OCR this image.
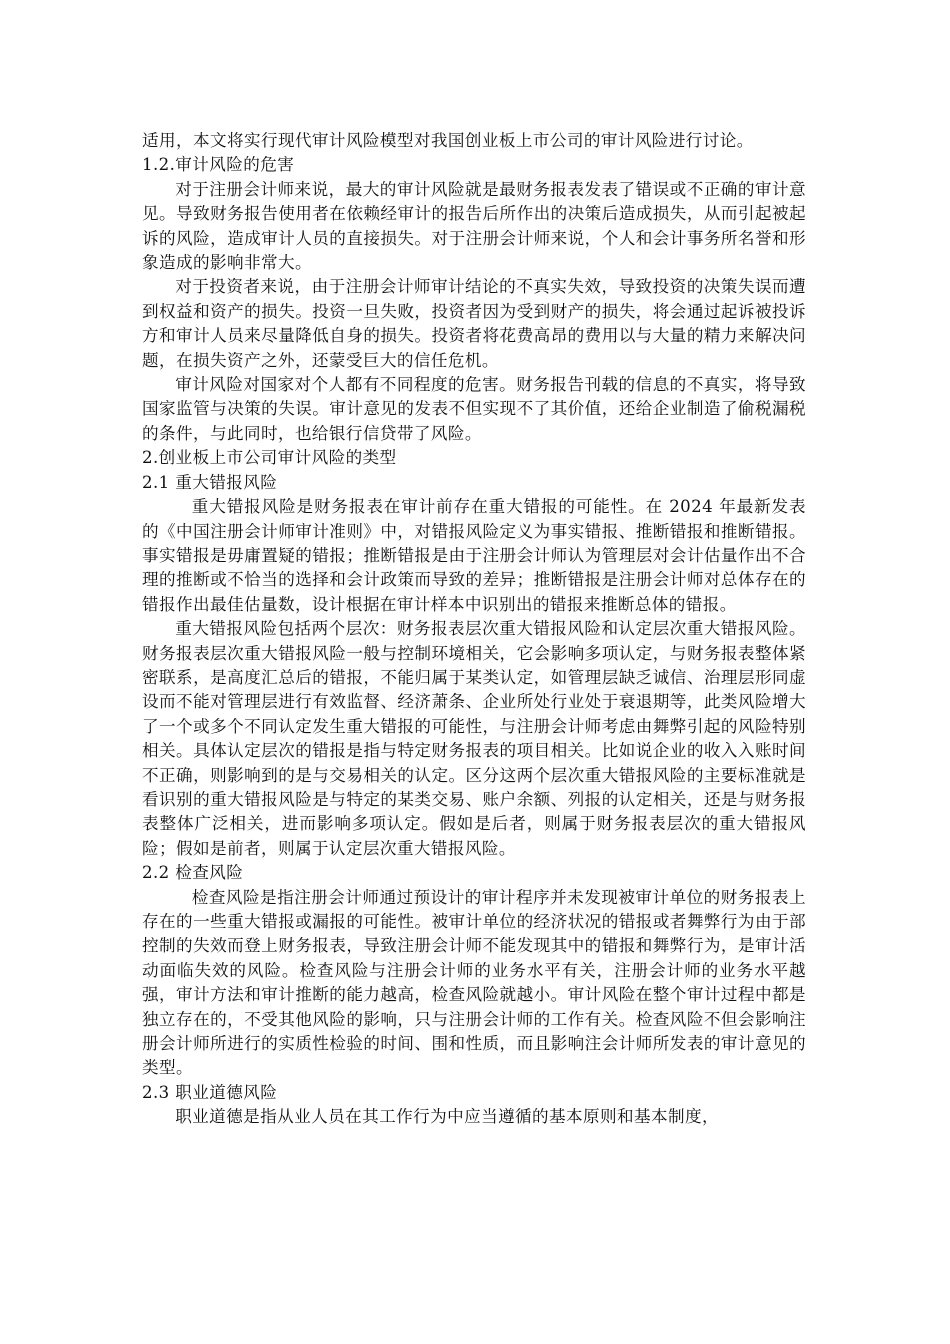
适用，本文将实行现代审计风险模型对我国创业板上市公司的审计风险进行讨论。

1.2.审计风险的危害

对于注册会计师来说，最大的审计风险就是最财务报表发表了错误或不正确的审计意见。导致财务报告使用者在依赖经审计的报告后所作出的决策后造成损失，从而引起被起诉的风险，造成审计人员的直接损失。对于注册会计师来说，个人和会计事务所名誉和形象造成的影响非常大。

对于投资者来说，由于注册会计师审计结论的不真实失效，导致投资的决策失误而遭到权益和资产的损失。投资一旦失败，投资者因为受到财产的损失，将会通过起诉被投诉方和审计人员来尽量降低自身的损失。投资者将花费高昂的费用以与大量的精力来解决问题，在损失资产之外，还蒙受巨大的信任危机。

审计风险对国家对个人都有不同程度的危害。财务报告刊载的信息的不真实，将导致国家监管与决策的失误。审计意见的发表不但实现不了其价值，还给企业制造了偷税漏税的条件，与此同时，也给银行信贷带了风险。

2.创业板上市公司审计风险的类型
2.1 重大错报风险

重大错报风险是财务报表在审计前存在重大错报的可能性。在 2024 年最新发表的《中国注册会计师审计准则》中，对错报风险定义为事实错报、推断错报和推断错报。事实错报是毋庸置疑的错报；推断错报是由于注册会计师认为管理层对会计估量作出不合理的推断或不恰当的选择和会计政策而导致的差异；推断错报是注册会计师对总体存在的错报作出最佳估量数，设计根据在审计样本中识别出的错报来推断总体的错报。

重大错报风险包括两个层次：财务报表层次重大错报风险和认定层次重大错报风险。财务报表层次重大错报风险一般与控制环境相关，它会影响多项认定，与财务报表整体紧密联系，是高度汇总后的错报，不能归属于某类认定，如管理层缺乏诚信、治理层形同虚设而不能对管理层进行有效监督、经济萧条、企业所处行业处于衰退期等，此类风险增大了一个或多个不同认定发生重大错报的可能性，与注册会计师考虑由舞弊引起的风险特别相关。具体认定层次的错报是指与特定财务报表的项目相关。比如说企业的收入入账时间不正确，则影响到的是与交易相关的认定。区分这两个层次重大错报风险的主要标准就是看识别的重大错报风险是与特定的某类交易、账户余额、列报的认定相关，还是与财务报表整体广泛相关，进而影响多项认定。假如是后者，则属于财务报表层次的重大错报风险；假如是前者，则属于认定层次重大错报风险。

2.2 检查风险

检查风险是指注册会计师通过预设计的审计程序并未发现被审计单位的财务报表上存在的一些重大错报或漏报的可能性。被审计单位的经济状况的错报或者舞弊行为由于部控制的失效而登上财务报表，导致注册会计师不能发现其中的错报和舞弊行为，是审计活动面临失效的风险。检查风险与注册会计师的业务水平有关，注册会计师的业务水平越强，审计方法和审计推断的能力越高，检查风险就越小。审计风险在整个审计过程中都是独立存在的，不受其他风险的影响，只与注册会计师的工作有关。检查风险不但会影响注册会计师所进行的实质性检验的时间、围和性质，而且影响注会计师所发表的审计意见的类型。

2.3 职业道德风险

职业道德是指从业人员在其工作行为中应当遵循的基本原则和基本制度，
